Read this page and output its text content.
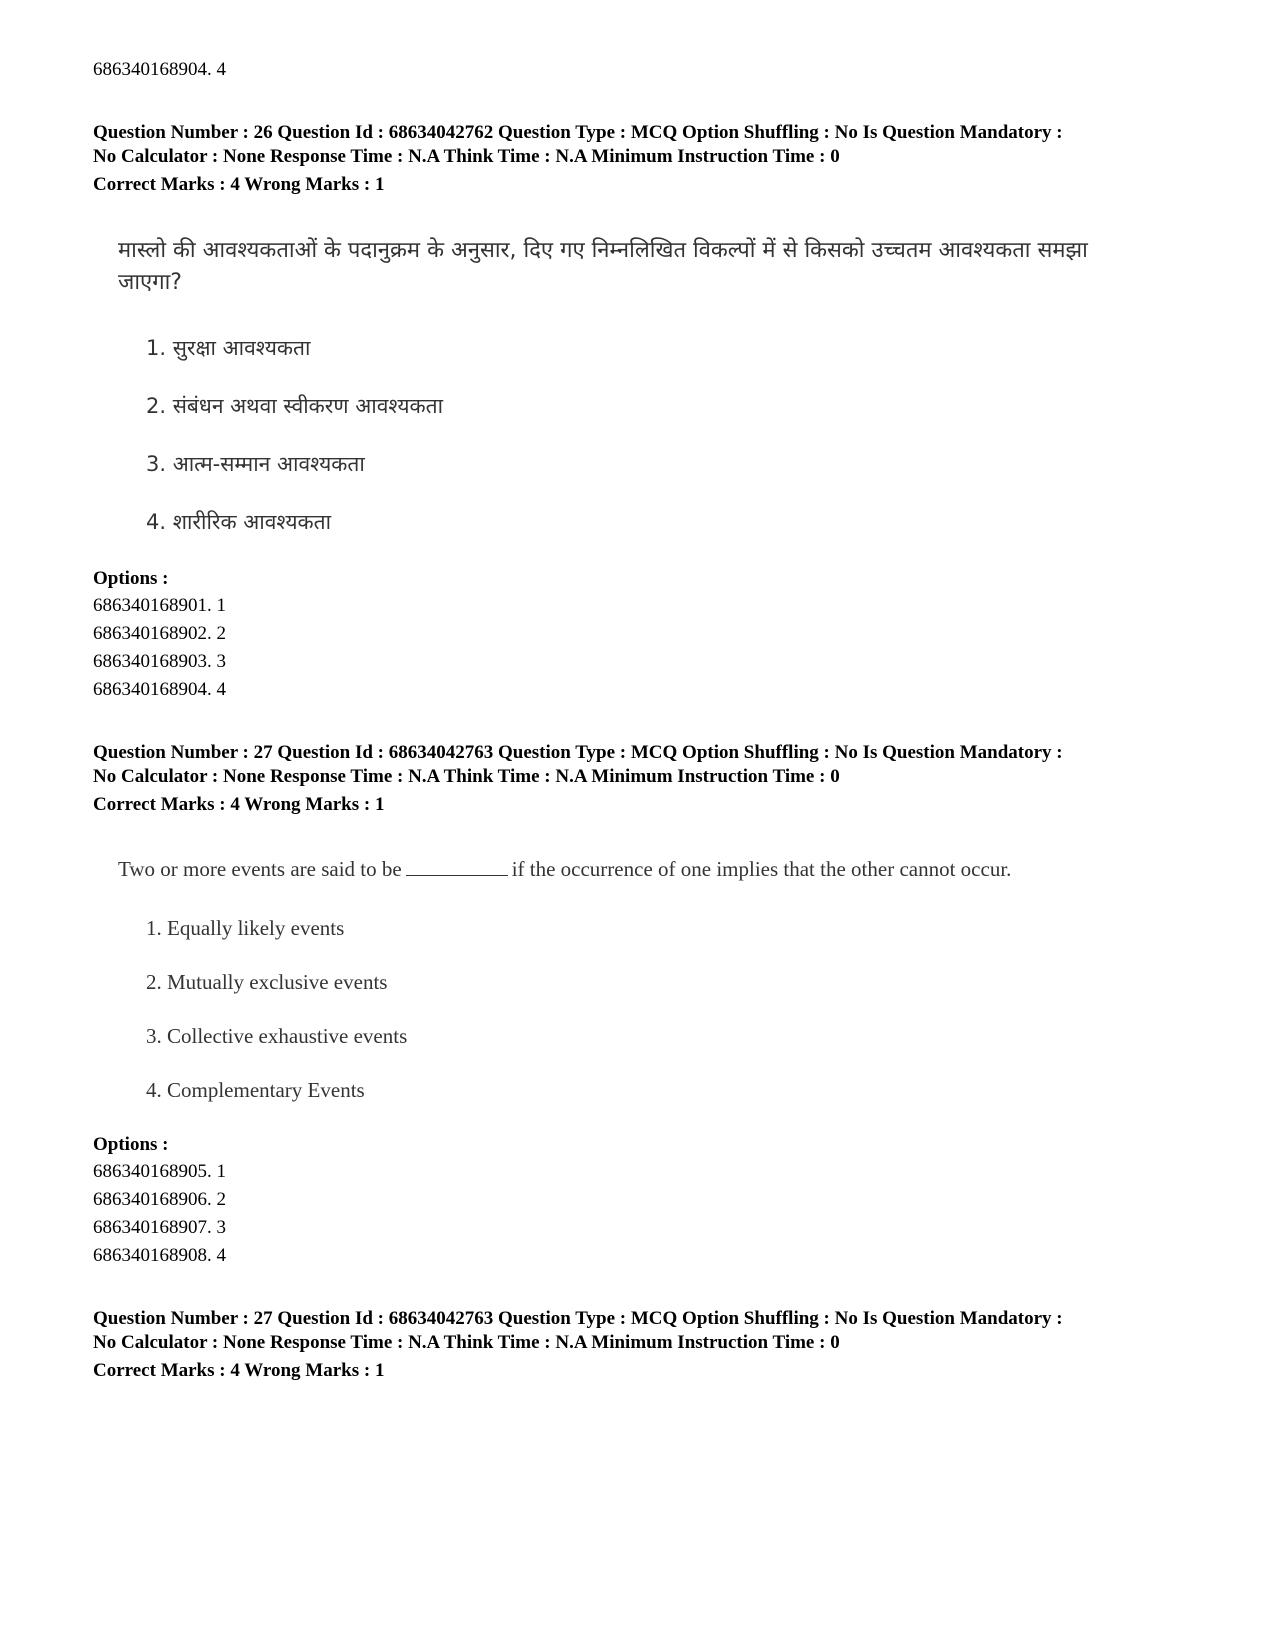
686340168904. 4
Question Number : 26 Question Id : 68634042762 Question Type : MCQ Option Shuffling : No Is Question Mandatory :
No Calculator : None Response Time : N.A Think Time : N.A Minimum Instruction Time : 0
Correct Marks : 4 Wrong Marks : 1
मास्लो की आवश्यकताओं के पदानुक्रम के अनुसार, दिए गए निम्नलिखित विकल्पों में से किसको उच्चतम आवश्यकता समझा जाएगा?
1. सुरक्षा आवश्यकता
2. संबंधन अथवा स्वीकरण आवश्यकता
3. आत्म-सम्मान आवश्यकता
4. शारीरिक आवश्यकता
Options :
686340168901. 1
686340168902. 2
686340168903. 3
686340168904. 4
Question Number : 27 Question Id : 68634042763 Question Type : MCQ Option Shuffling : No Is Question Mandatory :
No Calculator : None Response Time : N.A Think Time : N.A Minimum Instruction Time : 0
Correct Marks : 4 Wrong Marks : 1
Two or more events are said to be	if the occurrence of one implies that the other cannot occur.
1. Equally likely events
2. Mutually exclusive events
3. Collective exhaustive events
4. Complementary Events
Options :
686340168905. 1
686340168906. 2
686340168907. 3
686340168908. 4
Question Number : 27 Question Id : 68634042763 Question Type : MCQ Option Shuffling : No Is Question Mandatory :
No Calculator : None Response Time : N.A Think Time : N.A Minimum Instruction Time : 0
Correct Marks : 4 Wrong Marks : 1
